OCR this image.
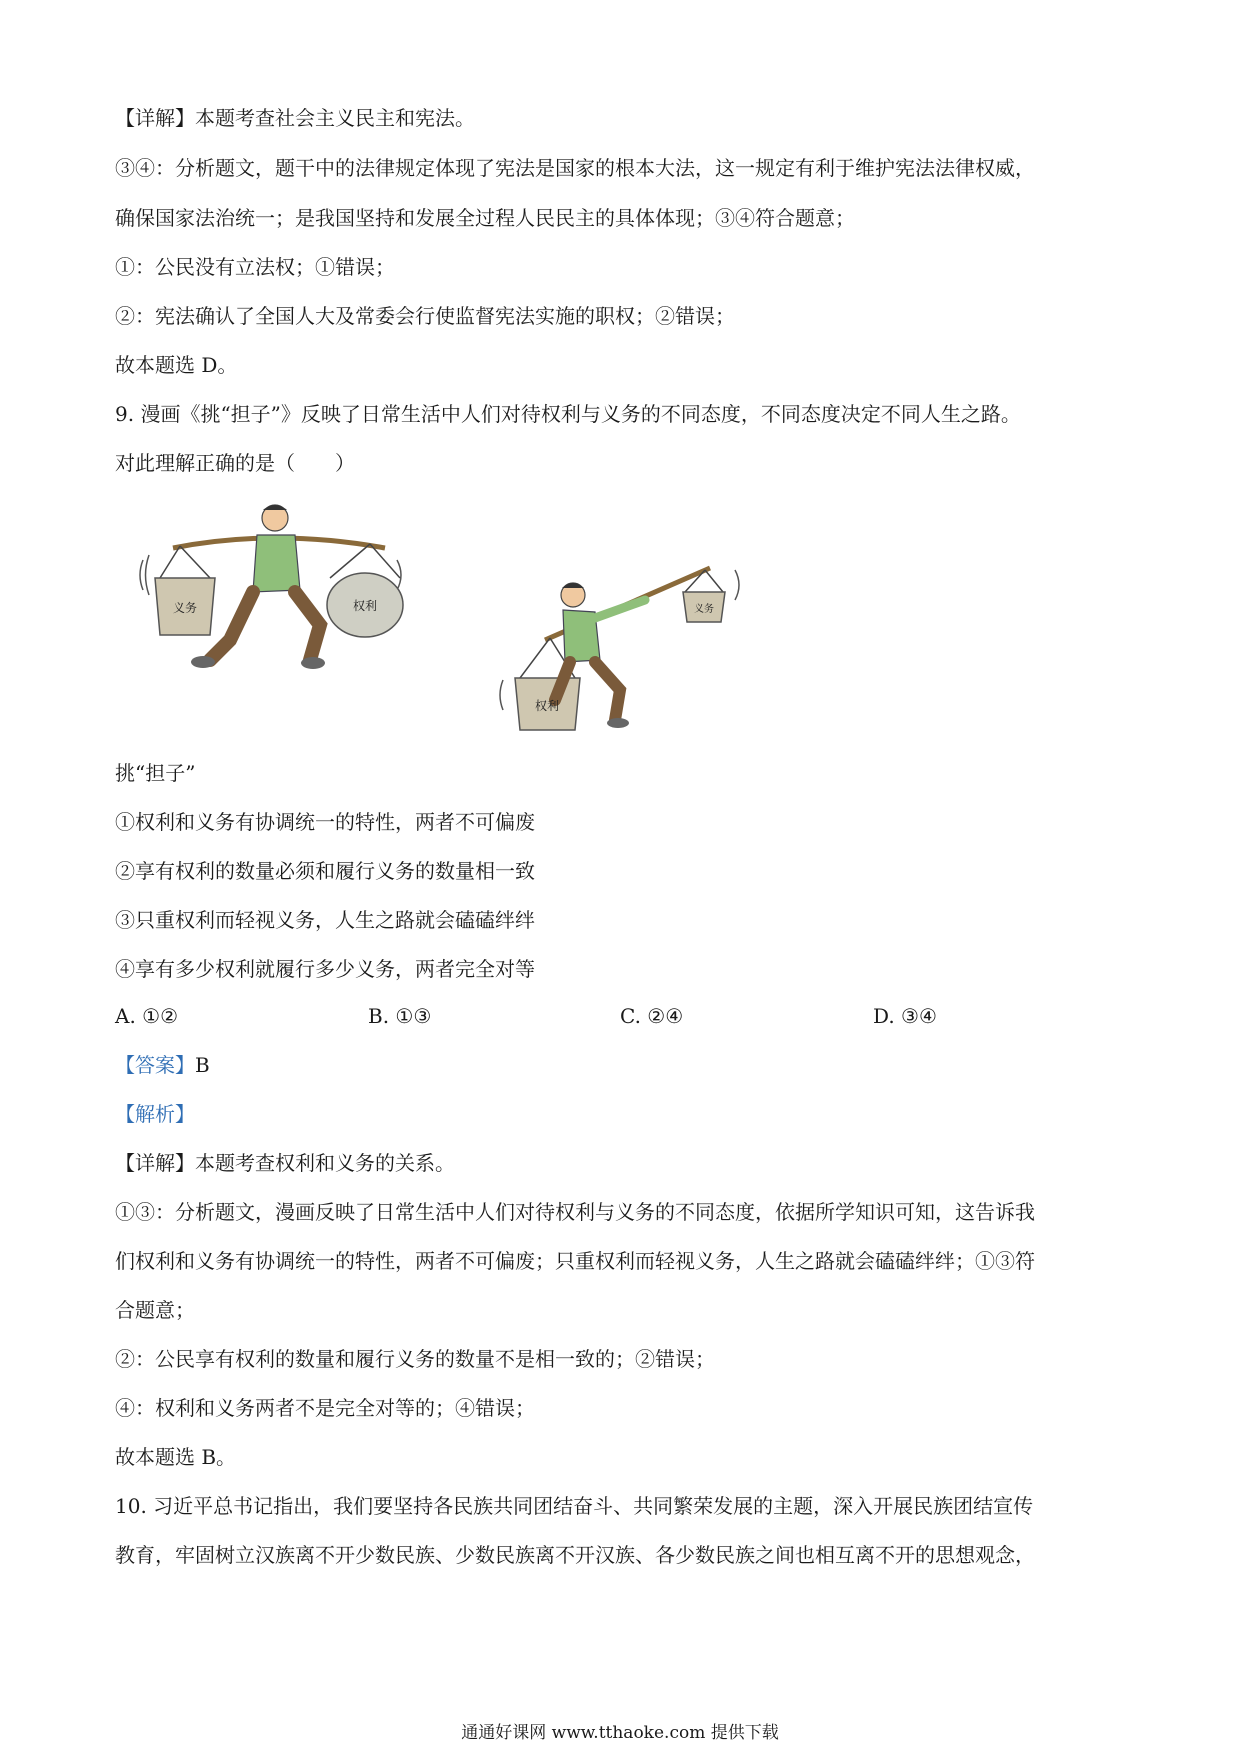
【详解】本题考查社会主义民主和宪法。

③④：分析题文，题干中的法律规定体现了宪法是国家的根本大法，这一规定有利于维护宪法法律权威，

确保国家法治统一；是我国坚持和发展全过程人民民主的具体体现；③④符合题意；

①：公民没有立法权；①错误；

②：宪法确认了全国人大及常委会行使监督宪法实施的职权；②错误；

故本题选 D。

9. 漫画《挑“担子”》反映了日常生活中人们对待权利与义务的不同态度，不同态度决定不同人生之路。

对此理解正确的是（　　）

义务	权利
权利
义务

挑“担子”

①权利和义务有协调统一的特性，两者不可偏废

②享有权利的数量必须和履行义务的数量相一致

③只重权利而轻视义务，人生之路就会磕磕绊绊

④享有多少权利就履行多少义务，两者完全对等

A. ①②	B. ①③	C. ②④	D. ③④

【答案】B

【解析】

【详解】本题考查权利和义务的关系。

①③：分析题文，漫画反映了日常生活中人们对待权利与义务的不同态度，依据所学知识可知，这告诉我

们权利和义务有协调统一的特性，两者不可偏废；只重权利而轻视义务，人生之路就会磕磕绊绊；①③符

合题意；

②：公民享有权利的数量和履行义务的数量不是相一致的；②错误；

④：权利和义务两者不是完全对等的；④错误；

故本题选 B。

10. 习近平总书记指出，我们要坚持各民族共同团结奋斗、共同繁荣发展的主题，深入开展民族团结宣传

教育，牢固树立汉族离不开少数民族、少数民族离不开汉族、各少数民族之间也相互离不开的思想观念，

通通好课网 www.tthaoke.com 提供下载
